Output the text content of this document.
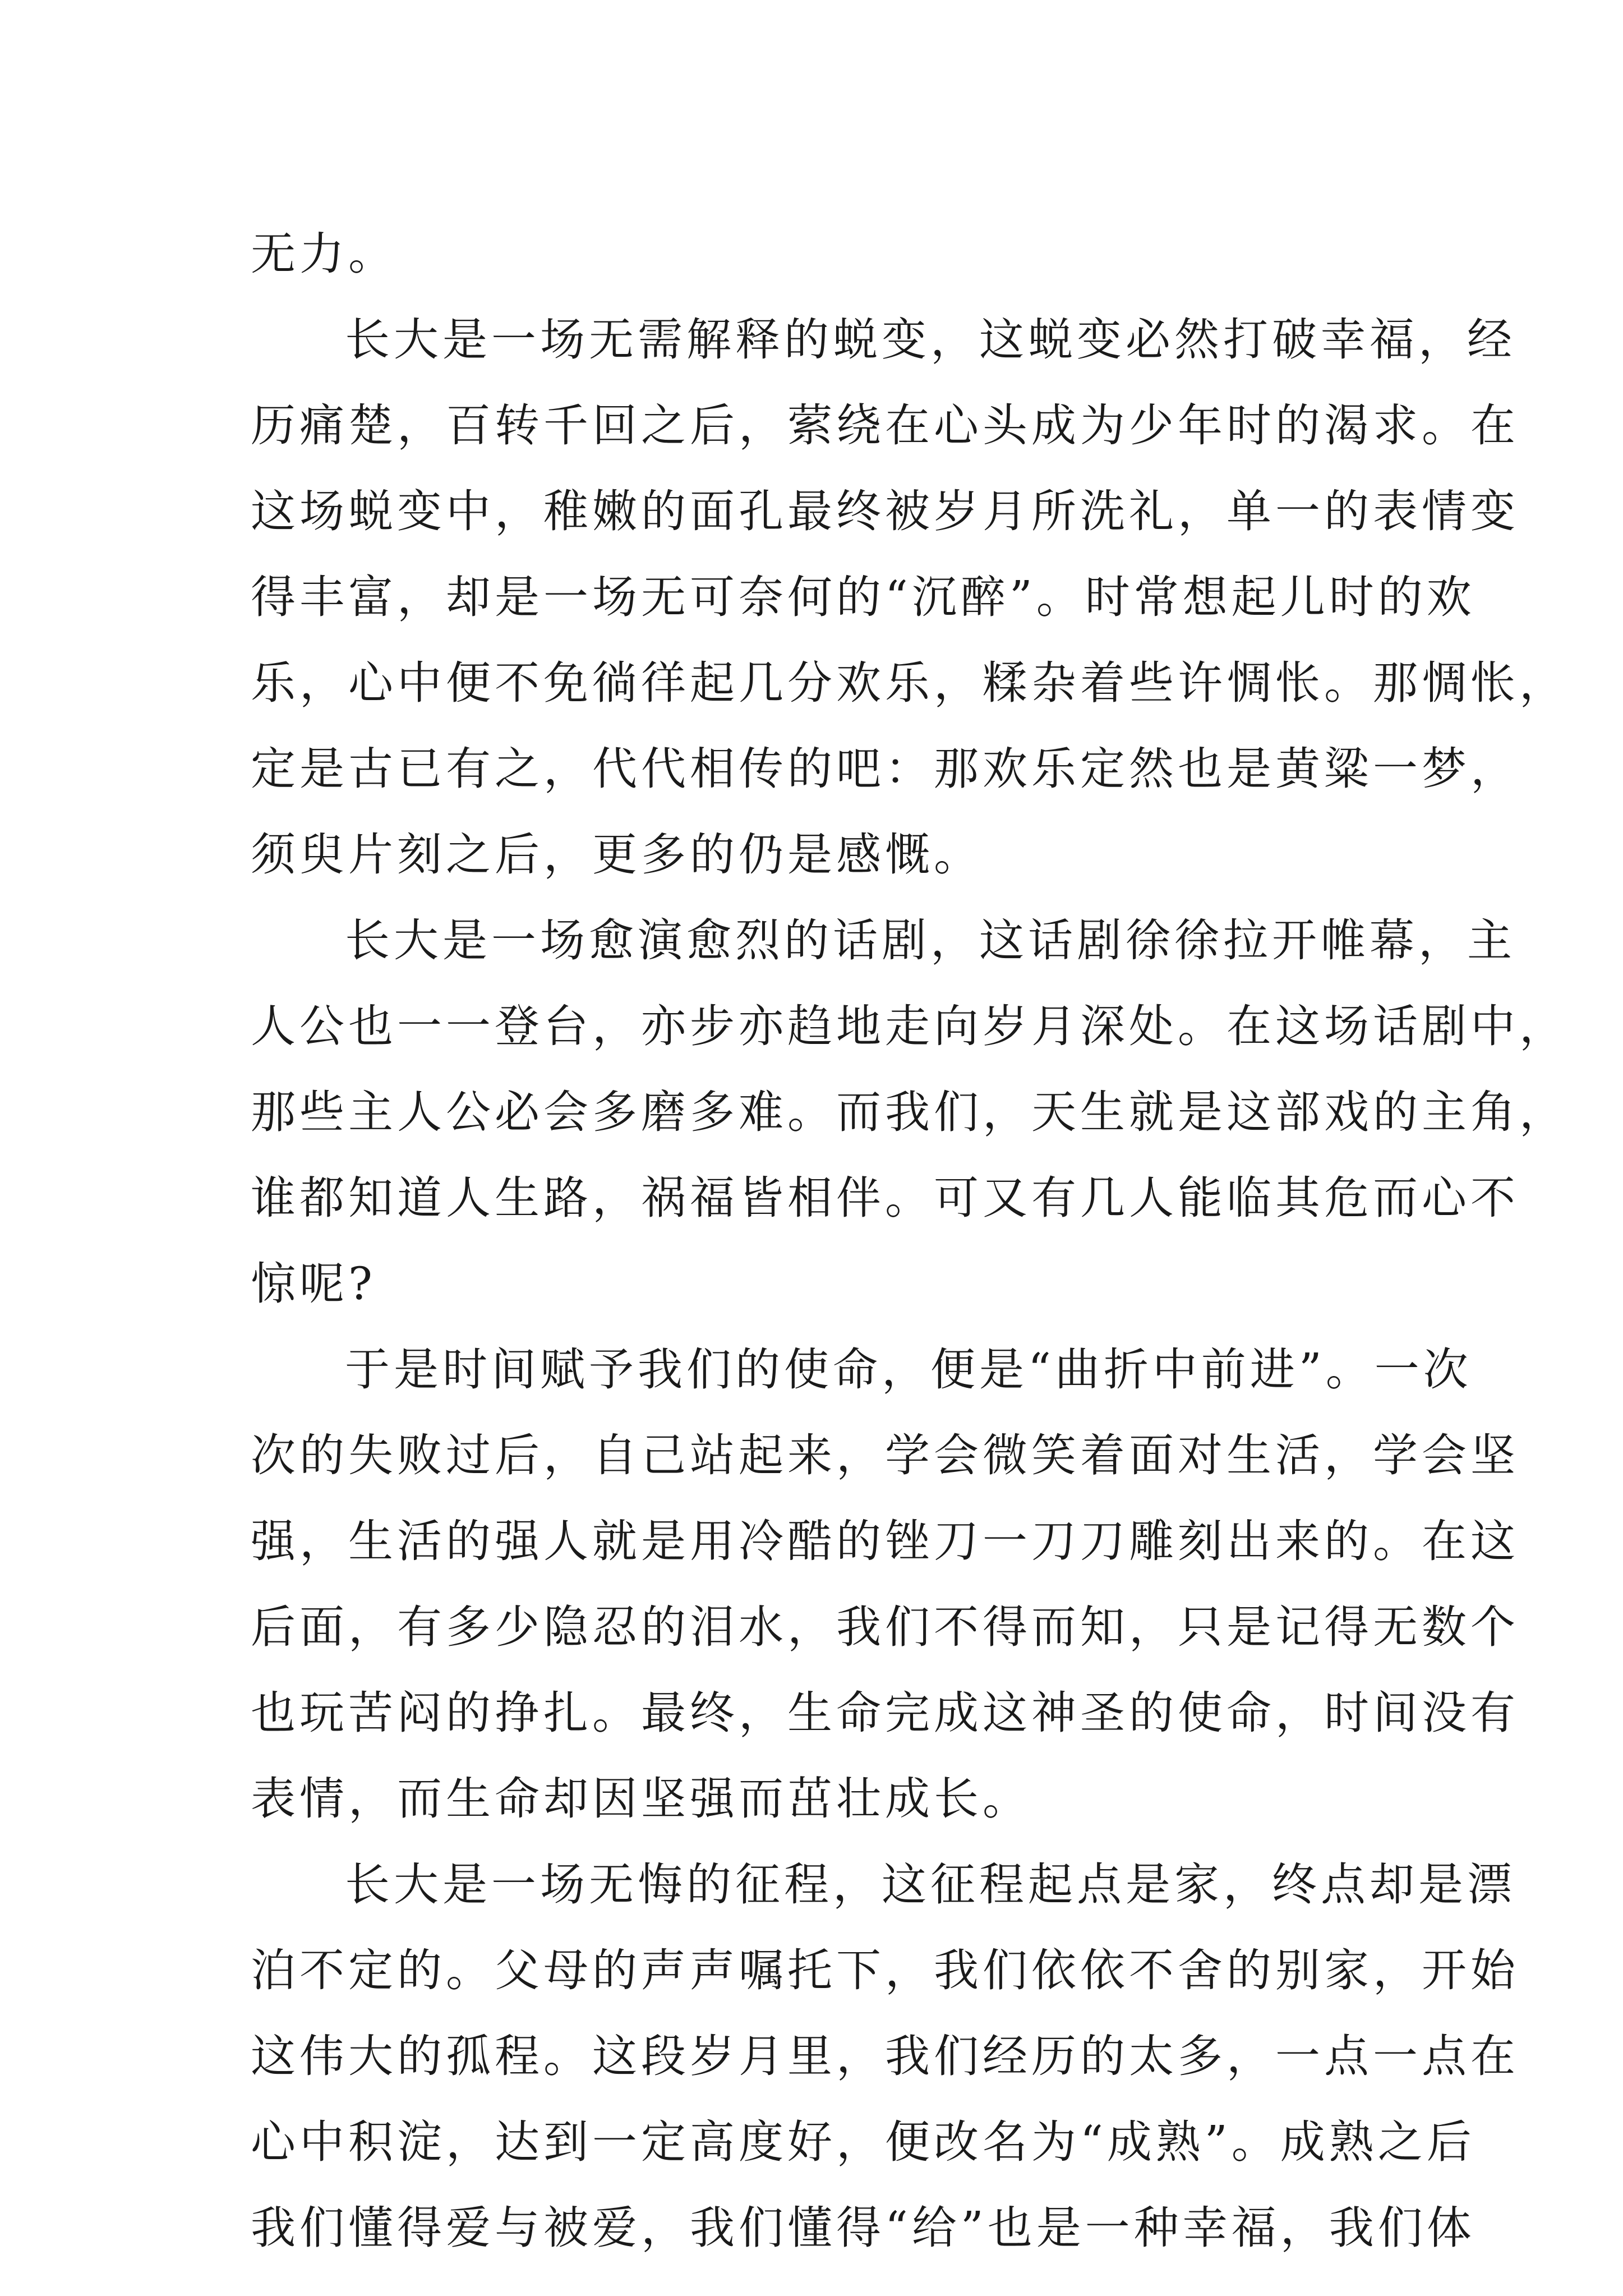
无力。
长大是一场无需解释的蜕变，这蜕变必然打破幸福，经
历痛楚，百转千回之后，萦绕在心头成为少年时的渴求。在
这场蜕变中，稚嫩的面孔最终被岁月所洗礼，单一的表情变
得丰富，却是一场无可奈何的“沉醉”。时常想起儿时的欢
乐，心中便不免徜徉起几分欢乐，糅杂着些许惆怅。那惆怅，
定是古已有之，代代相传的吧：那欢乐定然也是黄粱一梦，
须臾片刻之后，更多的仍是感慨。
长大是一场愈演愈烈的话剧，这话剧徐徐拉开帷幕，主
人公也一一登台，亦步亦趋地走向岁月深处。在这场话剧中，
那些主人公必会多磨多难。而我们，天生就是这部戏的主角，
谁都知道人生路，祸福皆相伴。可又有几人能临其危而心不
惊呢?
于是时间赋予我们的使命，便是“曲折中前进”。一次
次的失败过后，自己站起来，学会微笑着面对生活，学会坚
强，生活的强人就是用冷酷的锉刀一刀刀雕刻出来的。在这
后面，有多少隐忍的泪水，我们不得而知，只是记得无数个
也玩苦闷的挣扎。最终，生命完成这神圣的使命，时间没有
表情，而生命却因坚强而茁壮成长。
长大是一场无悔的征程，这征程起点是家，终点却是漂
泊不定的。父母的声声嘱托下，我们依依不舍的别家，开始
这伟大的孤程。这段岁月里，我们经历的太多，一点一点在
心中积淀，达到一定高度好，便改名为“成熟”。成熟之后
我们懂得爱与被爱，我们懂得“给”也是一种幸福，我们体
